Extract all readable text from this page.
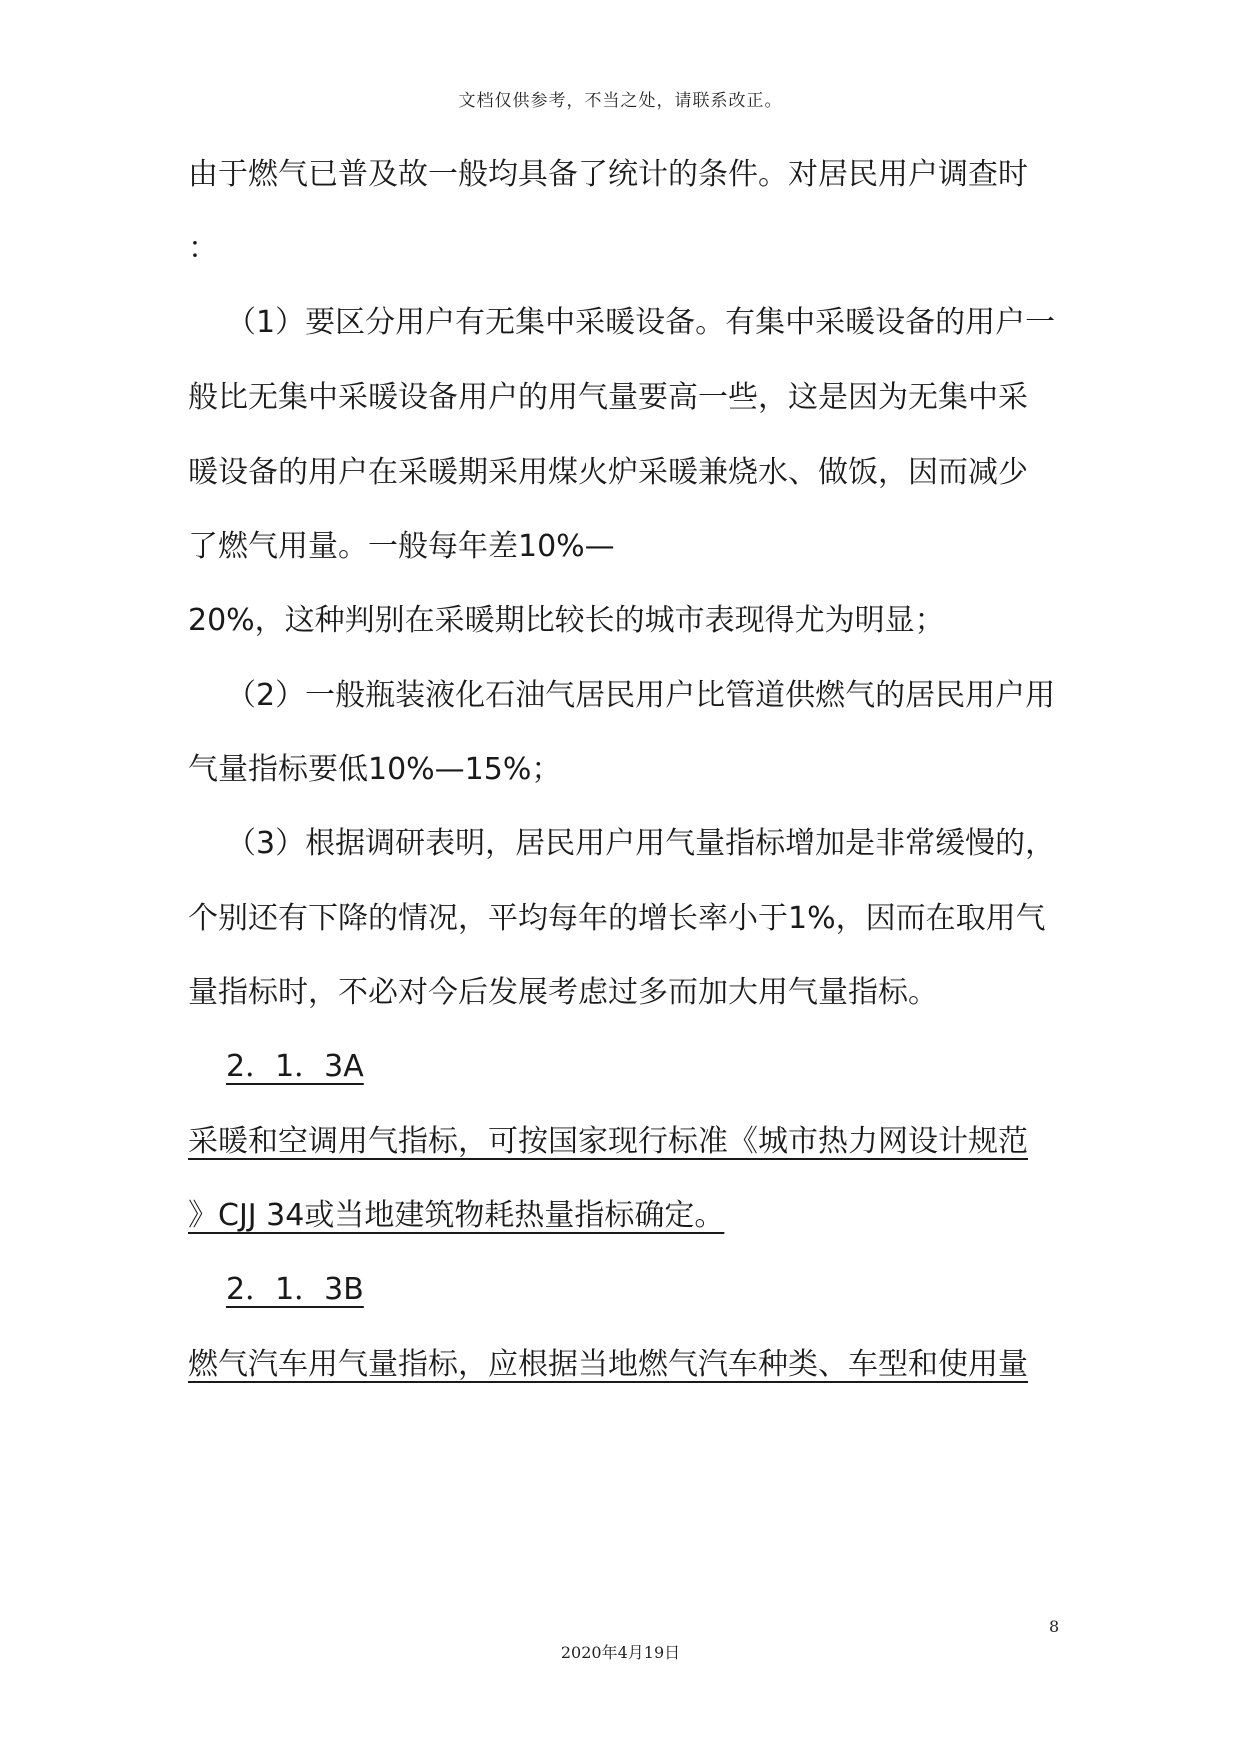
文档仅供参考，不当之处，请联系改正。
由于燃气已普及故一般均具备了统计的条件。对居民用户调查时
：
（1）要区分用户有无集中采暖设备。有集中采暖设备的用户一
般比无集中采暖设备用户的用气量要高一些，这是因为无集中采
暖设备的用户在采暖期采用煤火炉采暖兼烧水、做饭，因而减少
了燃气用量。一般每年差10%—
20%，这种判别在采暖期比较长的城市表现得尤为明显；
（2）一般瓶装液化石油气居民用户比管道供燃气的居民用户用
气量指标要低10%—15%；
（3）根据调研表明，居民用户用气量指标增加是非常缓慢的，
个别还有下降的情况，平均每年的增长率小于1%，因而在取用气
量指标时，不必对今后发展考虑过多而加大用气量指标。
2．1．3A
采暖和空调用气指标，可按国家现行标准《城市热力网设计规范
》CJJ 34或当地建筑物耗热量指标确定。
2．1．3B
燃气汽车用气量指标，应根据当地燃气汽车种类、车型和使用量
8
2020年4月19日
